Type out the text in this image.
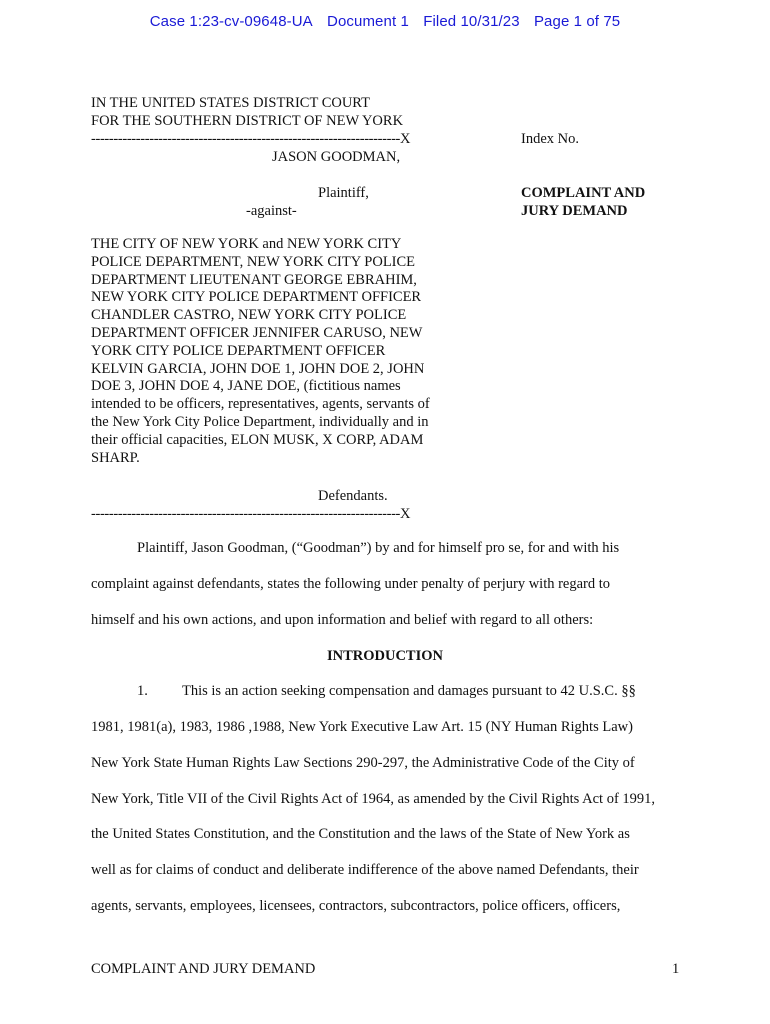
Case 1:23-cv-09648-UA Document 1 Filed 10/31/23 Page 1 of 75
IN THE UNITED STATES DISTRICT COURT
FOR THE SOUTHERN DISTRICT OF NEW YORK
---------------------------------------------------------------------X
JASON GOODMAN,
Plaintiff,
-against-
THE CITY OF NEW YORK and NEW YORK CITY
POLICE DEPARTMENT, NEW YORK CITY POLICE
DEPARTMENT LIEUTENANT GEORGE EBRAHIM,
NEW YORK CITY POLICE DEPARTMENT OFFICER
CHANDLER CASTRO, NEW YORK CITY POLICE
DEPARTMENT OFFICER JENNIFER CARUSO, NEW
YORK CITY POLICE DEPARTMENT OFFICER
KELVIN GARCIA, JOHN DOE 1, JOHN DOE 2, JOHN
DOE 3, JOHN DOE 4, JANE DOE, (fictitious names
intended to be officers, representatives, agents, servants of
the New York City Police Department, individually and in
their official capacities, ELON MUSK, X CORP, ADAM
SHARP.
Defendants.
---------------------------------------------------------------------X
Index No.
COMPLAINT AND
JURY DEMAND
Plaintiff, Jason Goodman, (“Goodman”) by and for himself pro se, for and with his
complaint against defendants, states the following under penalty of perjury with regard to
himself and his own actions, and upon information and belief with regard to all others:
INTRODUCTION
1. This is an action seeking compensation and damages pursuant to 42 U.S.C. §§
1981, 1981(a), 1983, 1986 ,1988, New York Executive Law Art. 15 (NY Human Rights Law)
New York State Human Rights Law Sections 290-297, the Administrative Code of the City of
New York, Title VII of the Civil Rights Act of 1964, as amended by the Civil Rights Act of 1991,
the United States Constitution, and the Constitution and the laws of the State of New York as
well as for claims of conduct and deliberate indifference of the above named Defendants, their
agents, servants, employees, licensees, contractors, subcontractors, police officers, officers,
COMPLAINT AND JURY DEMAND	1
